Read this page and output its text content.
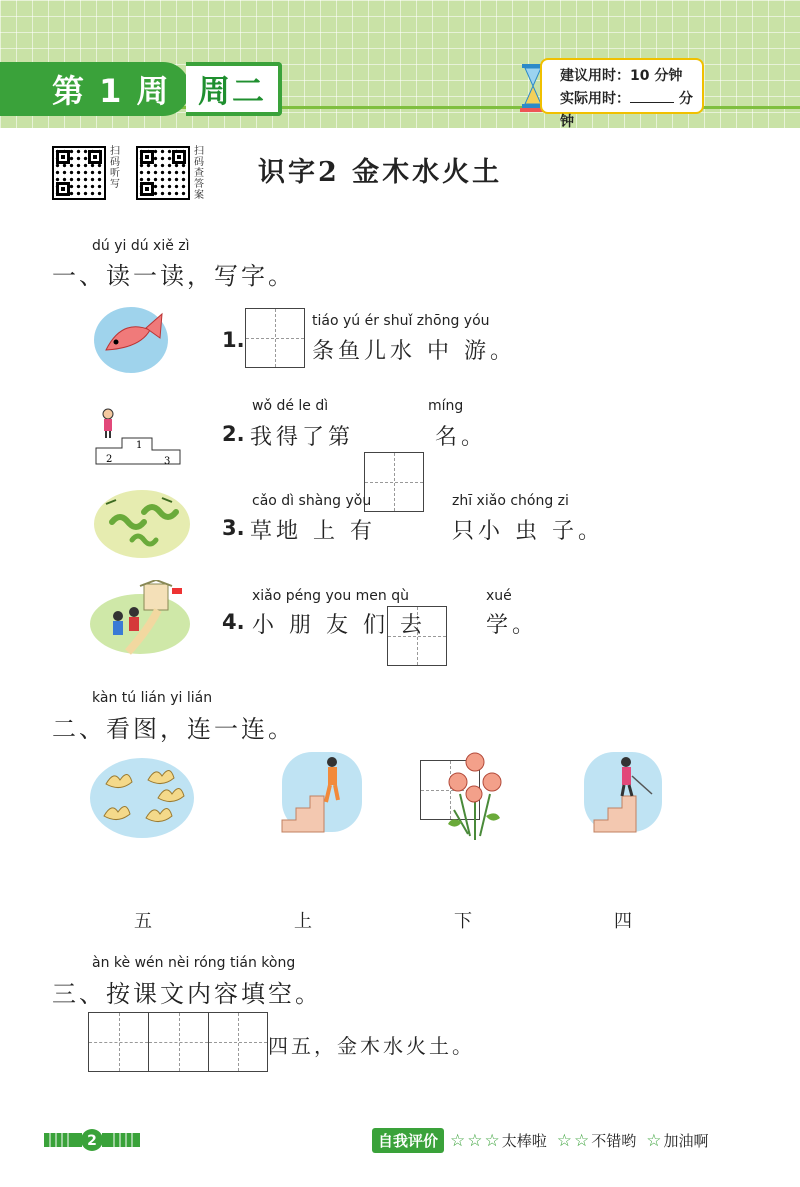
第 1 周 周二	建议用时：10 分钟
实际用时：	分钟
扫码听写
扫码查答案
识字2 金木水火土
dú yi dú xiě zì
一、读一读，写字。
1.
tiáo yú ér shuǐ zhōng yóu
条鱼儿水 中 游。
1
2	3
2.
wǒ dé le dì
我得了第
míng
名。
3.
cǎo dì shàng yǒu
草地 上 有
zhī xiǎo chóng zi
只小 虫 子。
4.
xiǎo péng you men qù
小 朋 友 们 去
xué
学。
kàn tú lián yi lián
二、看图，连一连。
五	上	下	四
àn kè wén nèi róng tián kòng
三、按课文内容填空。
四五，金木水火土。
2	自我评价 ☆ ☆ ☆ 太棒啦 ☆ ☆ 不错哟 ☆ 加油啊
